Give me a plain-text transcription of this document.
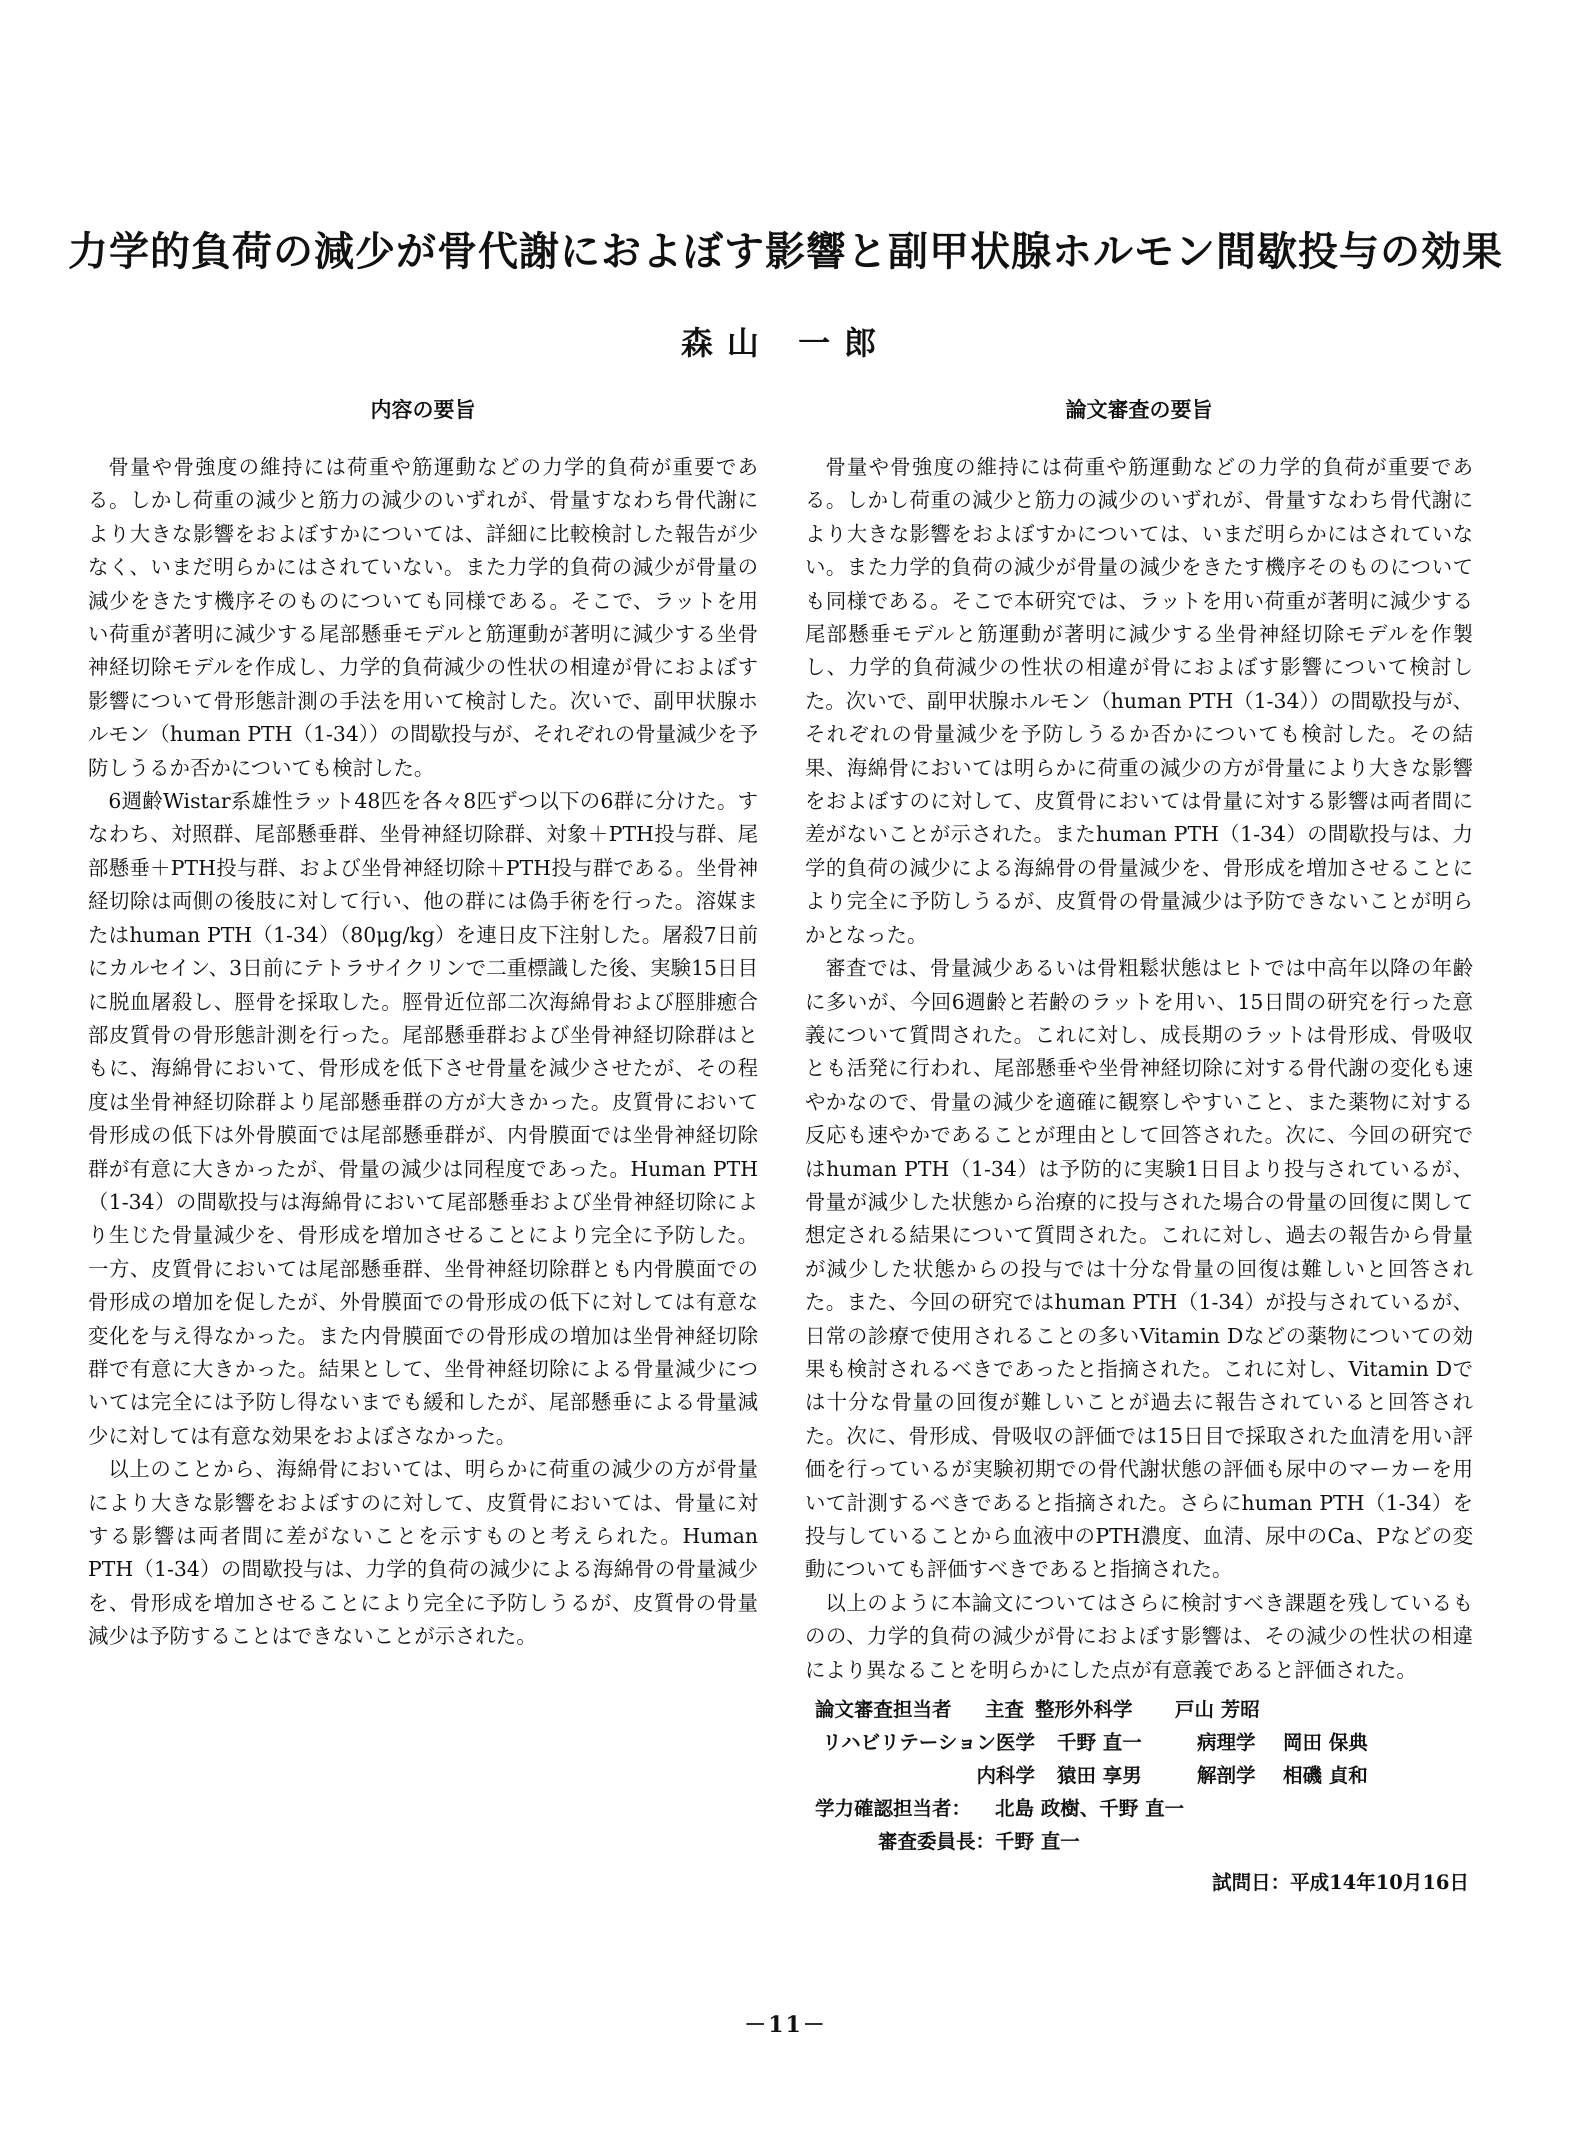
力学的負荷の減少が骨代謝におよぼす影響と副甲状腺ホルモン間歇投与の効果
森山 一郎
内容の要旨

骨量や骨強度の維持には荷重や筋運動などの力学的負荷が重要である。しかし荷重の減少と筋力の減少のいずれが、骨量すなわち骨代謝により大きな影響をおよぼすかについては、詳細に比較検討した報告が少なく、いまだ明らかにはされていない。また力学的負荷の減少が骨量の減少をきたす機序そのものについても同様である。そこで、ラットを用い荷重が著明に減少する尾部懸垂モデルと筋運動が著明に減少する坐骨神経切除モデルを作成し、力学的負荷減少の性状の相違が骨におよぼす影響について骨形態計測の手法を用いて検討した。次いで、副甲状腺ホルモン（human PTH（1-34））の間歇投与が、それぞれの骨量減少を予防しうるか否かについても検討した。

6週齢Wistar系雄性ラット48匹を各々8匹ずつ以下の6群に分けた。すなわち、対照群、尾部懸垂群、坐骨神経切除群、対象＋PTH投与群、尾部懸垂＋PTH投与群、および坐骨神経切除＋PTH投与群である。坐骨神経切除は両側の後肢に対して行い、他の群には偽手術を行った。溶媒またはhuman PTH（1-34）（80μg/kg）を連日皮下注射した。屠殺7日前にカルセイン、3日前にテトラサイクリンで二重標識した後、実験15日目に脱血屠殺し、脛骨を採取した。脛骨近位部二次海綿骨および脛腓癒合部皮質骨の骨形態計測を行った。尾部懸垂群および坐骨神経切除群はともに、海綿骨において、骨形成を低下させ骨量を減少させたが、その程度は坐骨神経切除群より尾部懸垂群の方が大きかった。皮質骨において骨形成の低下は外骨膜面では尾部懸垂群が、内骨膜面では坐骨神経切除群が有意に大きかったが、骨量の減少は同程度であった。Human PTH（1-34）の間歇投与は海綿骨において尾部懸垂および坐骨神経切除により生じた骨量減少を、骨形成を増加させることにより完全に予防した。一方、皮質骨においては尾部懸垂群、坐骨神経切除群とも内骨膜面での骨形成の増加を促したが、外骨膜面での骨形成の低下に対しては有意な変化を与え得なかった。また内骨膜面での骨形成の増加は坐骨神経切除群で有意に大きかった。結果として、坐骨神経切除による骨量減少については完全には予防し得ないまでも緩和したが、尾部懸垂による骨量減少に対しては有意な効果をおよぼさなかった。

以上のことから、海綿骨においては、明らかに荷重の減少の方が骨量により大きな影響をおよぼすのに対して、皮質骨においては、骨量に対する影響は両者間に差がないことを示すものと考えられた。Human PTH（1-34）の間歇投与は、力学的負荷の減少による海綿骨の骨量減少を、骨形成を増加させることにより完全に予防しうるが、皮質骨の骨量減少は予防することはできないことが示された。

論文審査の要旨

骨量や骨強度の維持には荷重や筋運動などの力学的負荷が重要である。しかし荷重の減少と筋力の減少のいずれが、骨量すなわち骨代謝により大きな影響をおよぼすかについては、いまだ明らかにはされていない。また力学的負荷の減少が骨量の減少をきたす機序そのものについても同様である。そこで本研究では、ラットを用い荷重が著明に減少する尾部懸垂モデルと筋運動が著明に減少する坐骨神経切除モデルを作製し、力学的負荷減少の性状の相違が骨におよぼす影響について検討した。次いで、副甲状腺ホルモン（human PTH（1-34））の間歇投与が、それぞれの骨量減少を予防しうるか否かについても検討した。その結果、海綿骨においては明らかに荷重の減少の方が骨量により大きな影響をおよぼすのに対して、皮質骨においては骨量に対する影響は両者間に差がないことが示された。またhuman PTH（1-34）の間歇投与は、力学的負荷の減少による海綿骨の骨量減少を、骨形成を増加させることにより完全に予防しうるが、皮質骨の骨量減少は予防できないことが明らかとなった。

審査では、骨量減少あるいは骨粗鬆状態はヒトでは中高年以降の年齢に多いが、今回6週齢と若齢のラットを用い、15日間の研究を行った意義について質問された。これに対し、成長期のラットは骨形成、骨吸収とも活発に行われ、尾部懸垂や坐骨神経切除に対する骨代謝の変化も速やかなので、骨量の減少を適確に観察しやすいこと、また薬物に対する反応も速やかであることが理由として回答された。次に、今回の研究ではhuman PTH（1-34）は予防的に実験1日目より投与されているが、骨量が減少した状態から治療的に投与された場合の骨量の回復に関して想定される結果について質問された。これに対し、過去の報告から骨量が減少した状態からの投与では十分な骨量の回復は難しいと回答された。また、今回の研究ではhuman PTH（1-34）が投与されているが、日常の診療で使用されることの多いVitamin Dなどの薬物についての効果も検討されるべきであったと指摘された。これに対し、Vitamin Dでは十分な骨量の回復が難しいことが過去に報告されていると回答された。次に、骨形成、骨吸収の評価では15日目で採取された血清を用い評価を行っているが実験初期での骨代謝状態の評価も尿中のマーカーを用いて計測するべきであると指摘された。さらにhuman PTH（1-34）を投与していることから血液中のPTH濃度、血清、尿中のCa、Pなどの変動についても評価すべきであると指摘された。

以上のように本論文についてはさらに検討すべき課題を残しているものの、力学的負荷の減少が骨におよぼす影響は、その減少の性状の相違により異なることを明らかにした点が有意義であると評価された。

論文審査担当者	主査 整形外科学	戸山 芳昭
リハビリテーション医学 千野 直一	病理学	岡田 保典
内科学 猿田 享男	解剖学	相磯 貞和
学力確認担当者：	北島 政樹、千野 直一
審査委員長： 千野 直一
試問日：平成14年10月16日
－11－
